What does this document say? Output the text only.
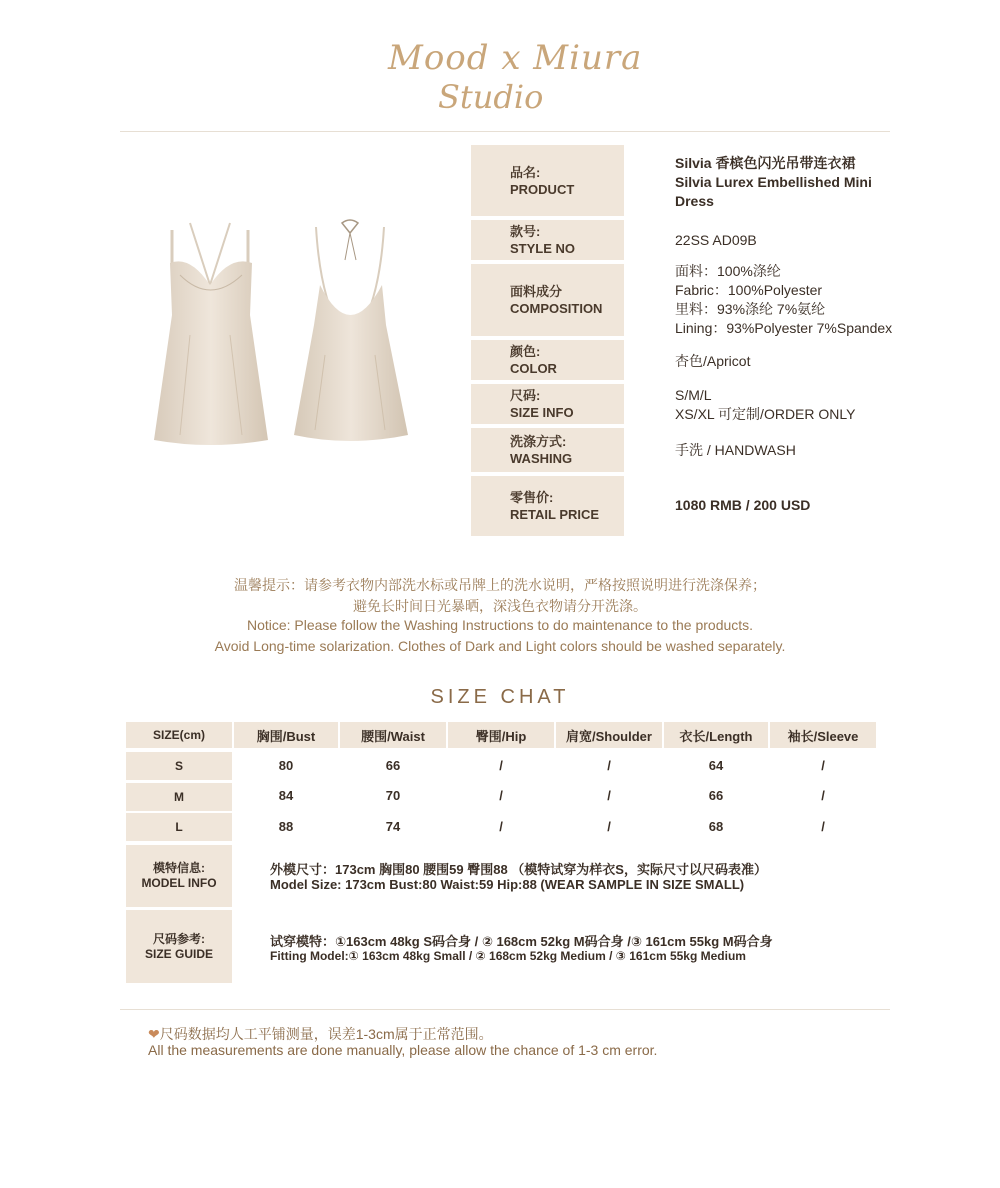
Mood x Miura
Studio
品名:
PRODUCT
Silvia 香槟色闪光吊带连衣裙
Silvia Lurex Embellished Mini
Dress
款号:
STYLE NO
22SS AD09B
面料成分
COMPOSITION
面料：100%涤纶
Fabric：100%Polyester
里料：93%涤纶 7%氨纶
Lining：93%Polyester 7%Spandex
颜色:
COLOR	杏色/Apricot
尺码:
SIZE INFO
S/M/L
XS/XL 可定制/ORDER ONLY
洗涤方式:
WASHING
手洗 / HANDWASH
零售价:
RETAIL PRICE
1080 RMB / 200 USD
温馨提示：请参考衣物内部洗水标或吊牌上的洗水说明，严格按照说明进行洗涤保养；
避免长时间日光暴晒，深浅色衣物请分开洗涤。
Notice: Please follow the Washing Instructions to do maintenance to the products.
Avoid Long-time solarization. Clothes of Dark and Light colors should be washed separately.
SIZE CHAT
SIZE(cm)	胸围/Bust	腰围/Waist	臀围/Hip	肩宽/Shoulder	衣长/Length	袖长/Sleeve
S	80	66	/	/	64	/
M	84	70	/	/	66	/
L	88	74	/	/	68	/
模特信息:
MODEL INFO
外模尺寸：173cm 胸围80 腰围59 臀围88 （模特试穿为样衣S，实际尺寸以尺码表准）
Model Size: 173cm Bust:80 Waist:59 Hip:88 (WEAR SAMPLE IN SIZE SMALL)
尺码参考:
SIZE GUIDE
试穿模特：①163cm 48kg S码合身 / ② 168cm 52kg M码合身 /③ 161cm 55kg M码合身
Fitting Model:① 163cm 48kg Small / ② 168cm 52kg Medium / ③ 161cm 55kg Medium
❤尺码数据均人工平铺测量，误差1-3cm属于正常范围。
All the measurements are done manually, please allow the chance of 1-3 cm error.
